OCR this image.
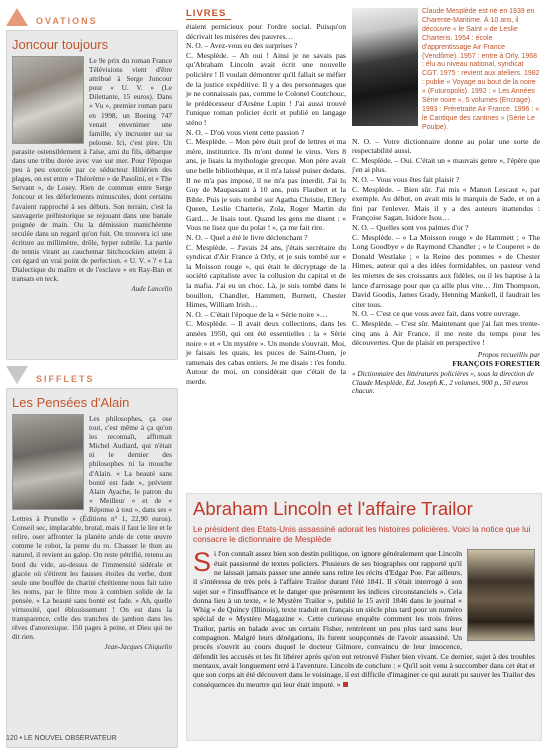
OVATIONS
Joncour toujours
Le 9e prix du roman France Télévisions vient d'être attribué à Serge Joncour pour « U. V. » (Le Dilettante, 15 euros). Dans « Vu », premier roman paru en 1998, un Boeing 747 venait envenimer une famille, s'y incruster sur sa pelouse. Ici, c'est pire. Un parasite ostensiblement à l'aise, ami du fils, débarque dans une tribu dorée avec vue sur mer. Pour l'époque peu à peu exercée par ce séducteur Hitlérien des plages, on est entre « Théorème » de Pasolini, et « The Servant », de Losey. Rien de commun entre Serge Joncour et les déferlements minuscules, dont certains l'avaient rapproché à ses débuts. Son terrain, c'est la sauvagerie préhistorique se rejouant dans une banale poignée de main. Ou la démission manichéenne reculée dans un regard qu'on fuit. On trouvera ici une écriture au millimètre, drôle, hyper subtile. La partie de tennis virant au cauchemar hitchcockien atteint à cet égard un vrai point de perfection. « U. V. » ? « La Dialectique du maître et de l'esclave » en Ray-Ban et transats en teck.
Aude Lancelin
SIFFLETS
Les Pensées d'Alain
Les philosophes, ça ose tout, c'est même à ça qu'on les reconnaît, affirmait Michel Audiard, qui n'était ni le dernier des philosophes ni la mouche d'Alain. « La beauté sans bonté est fade », prévient Alain Ayache, le patron du « Meilleur » et de « Réponse à tout », dans ses « Lettres à Prunelle » (Éditions n° 1, 22,90 euros). Conseil sec, implacable, brutal, mais il faut le lire et le relire, oser affronter la planète aride de cette œuvre comme le robot, la pente du ro. Chasser le thon au naturel, il revient au galop. On reste pétrifié, retenu au bord du vide, au-dessus de l'immensité sidérale et glacée où s'étirent les fausses étoiles du verbe, dont seule une bouffée de charité chrétienne nous fait taire les noms, par le filtre mou à combien solide de la pensée. « La beauté sans bonté est fade. » Ah, quelle virtuosité, quel éblouissement ! On est dans la transparence, celle des tranches de jambon dans les rêves d'anorexique. 150 pages à peine, et Dieu qui ne dit rien.
Jean-Jacques Chiquelin
LIVRES
étaient pernicieux pour l'ordre social. Puisqu'on décrivait les misères des pauvres…
N. O. – Avez-vous eu des surprises ?
C. Mesplède. – Ah oui ! Ainsi je ne savais pas qu'Abraham Lincoln avait écrit une nouvelle policière ! Il voulait démontrer qu'il fallait se méfier de la justice expéditive. Il y a des personnages que je ne connaissais pas, comme le Colonel Coutchouc, le prédécesseur d'Arsène Lupin ! J'ai aussi trouvé l'unique roman policier écrit et publié en langage sténo !
N. O. – D'où vous vient cette passion ?
C. Mesplède. – Mon père était prof de lettres et ma mère, institutrice. Ils m'ont donné le virus. Vers 8 ans, je lisais la mythologie grecque. Mon père avait une belle bibliothèque, et il m'a laissé puiser dedans. Il ne m'a pas imposé, il ne m'a pas interdit. J'ai lu Guy de Maupassant à 10 ans, puis Flaubert et la Bible. Puis je suis tombé sur Agatha Christie, Ellery Queen, Leslie Charteris, Zola, Roger Martin du Gard… Je lisais tout. Quand les gens me disent : « Vous ne lisez que du polar ! », ça me fait rire.
N. O. – Quel a été le livre déclenchant ?
C. Mesplède. – J'avais 24 ans, j'étais secrétaire du syndicat d'Air France à Orly, et je suis tombé sur « la Moisson rouge », qui était le décryptage de la société capitaliste avec la collusion du capital et de la mafia. J'ai eu un choc. Là, je suis tombé dans le bouillon, Chandler, Hammett, Burnett, Chester Himes, William Irish…
N. O. – C'était l'époque de la « Série noire »…
C. Mesplède. – Il avait deux collections, dans les années 1950, qui ont été essentielles : la « Série noire » et « Un mystère ». Un monde s'ouvrait. Moi, je faisais les quais, les puces de Saint-Ouen, je ramenais des cabas entiers. Je me disais : t'es fondu. Autour de moi, on considérait que c'était de la merde.
Claude Mesplède est né en 1939 en Charente-Maritime. À 10 ans, il découvre « le Saint » de Leslie Charteris. 1954 : école d'apprentissage Air France (Vendôme). 1957 : entre à Orly. 1968 : élu au niveau national, syndicat CGT. 1975 : revient aux ateliers. 1982 : publie « Voyage au bout de la noire » (Futuropolis). 1992 : « Les Années Série noire », 5 volumes (Encrage). 1993 : Préretraite Air France. 1996 : « le Cantique des cantines » (Série Le Poulpe).
N. O. – Votre dictionnaire donne au polar une sorte de respectabilité aussi.
C. Mesplède. – Oui. C'était un « mauvais genre », l'épère que j'en ai plus.
N. O. – Vous vous êtes fait plaisir ?
C. Mesplède. – Bien sûr. J'ai mis « Manon Lescaut », par exemple. Au début, on avait mis le marquis de Sade, et on a fini par l'enlever. Mais il y a des auteurs inattendus : Françoise Sagan, Isidore Isou…
N. O. – Quelles sont vos palmes d'or ?
C. Mesplède. – « La Moisson rouge » de Hammett ; « The Long Goodbye » de Raymond Chandler ; « le Couperet » de Donald Westlake ; « la Reine des pommes » de Chester Himes, auteur qui a des idées formidables, un pasteur vend les miettes de ses croissants aux fidèles, ou il les baptise à la lance d'arrosage pour que ça aille plus vite… Jim Thompson, David Goodis, James Grady, Henning Mankell, il faudrait les citer tous.
N. O. – C'est ce que vous avez fait, dans votre ouvrage.
C. Mesplède. – C'est sûr. Maintenant que j'ai fait mes trente-cinq ans à Air France, il me reste du temps pour les découvertes. Que de plaisir en perspective !
Propos recueillis par
FRANÇOIS FORESTIER
« Dictionnaire des littératures policières », sous la direction de Claude Mesplède, Ed. Joseph K., 2 volumes, 900 p., 50 euros chacun.
Abraham Lincoln et l'affaire Trailor
Le président des Etats-Unis assassiné adorait les histoires policières. Voici la notice que lui consacre le dictionnaire de Mesplède
S i l'on connaît assez bien son destin politique, on ignore généralement que Lincoln était passionné de textes policiers. Plusieurs de ses biographes ont rapporté qu'il ne laissait jamais passer une année sans relire les récits d'Edgar Poe. Par ailleurs, il s'intéressa de très près à l'affaire Trailor durant l'été 1841. Il s'était interrogé à son sujet sur « l'insuffisance et le danger que présentent les indices circonstanciels ». Cela donna lieu à un texte, « le Mystère Trailor », publié le 15 avril 1846 dans le journal « Whig » de Quincy (Illinois), texte traduit en français un siècle plus tard pour un numéro spécial de « Mystère Magazine ». Cette curieuse enquête comment les trois frères Trailor, partis en balade avec un certain Fisher, rentrèrent un peu plus tard sans leur compagnon. Malgré leurs dénégations, ils furent soupçonnés de l'avoir assassiné. Un procès s'ouvrit au cours duquel le docteur Gilmore, convaincu de leur innocence, défendit les accusés et les fit libérer après qu'on eut retrouvé Fisher bien vivant. Ce dernier, sujet à des troubles mentaux, avait longuement erré à l'aventure. Lincoln de conclure : « Qu'il soit venu à succomber dans cet état et que son corps ait été découvert dans le voisinage, il est difficile d'imaginer ce qui aurait pu sauver les Trailor des conséquences du meurtre qui leur était imputé. »
120 • LE NOUVEL OBSERVATEUR
